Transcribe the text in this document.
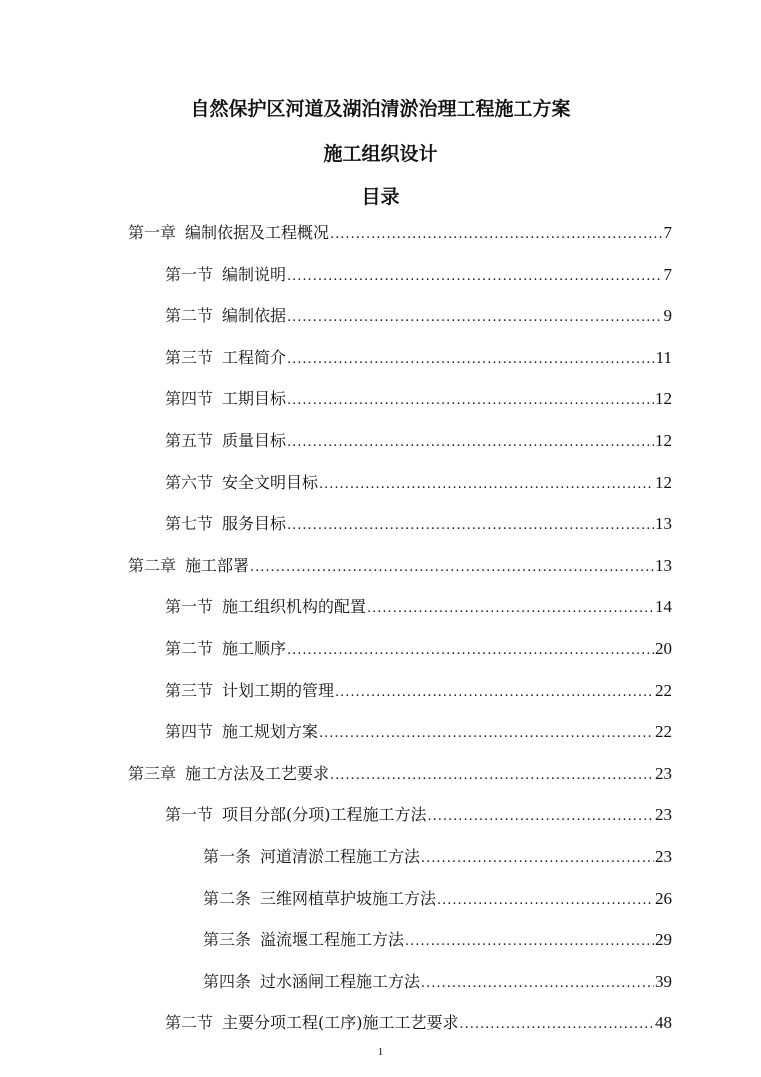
自然保护区河道及湖泊清淤治理工程施工方案
施工组织设计
目录
第一章 编制依据及工程概况 .....	7
第一节 编制说明 .....	7
第二节 编制依据 .....	9
第三节 工程简介 .....	11
第四节 工期目标 .....	12
第五节 质量目标 .....	12
第六节 安全文明目标 .....	12
第七节 服务目标 .....	13
第二章 施工部署 .....	13
第一节 施工组织机构的配置 .....	14
第二节 施工顺序 .....	20
第三节 计划工期的管理 .....	22
第四节 施工规划方案 .....	22
第三章 施工方法及工艺要求 .....	23
第一节 项目分部(分项)工程施工方法 .....	23
第一条 河道清淤工程施工方法 .....	23
第二条 三维网植草护坡施工方法 .....	26
第三条 溢流堰工程施工方法 .....	29
第四条 过水涵闸工程施工方法 .....	39
第二节 主要分项工程(工序)施工工艺要求 .....	48
1
